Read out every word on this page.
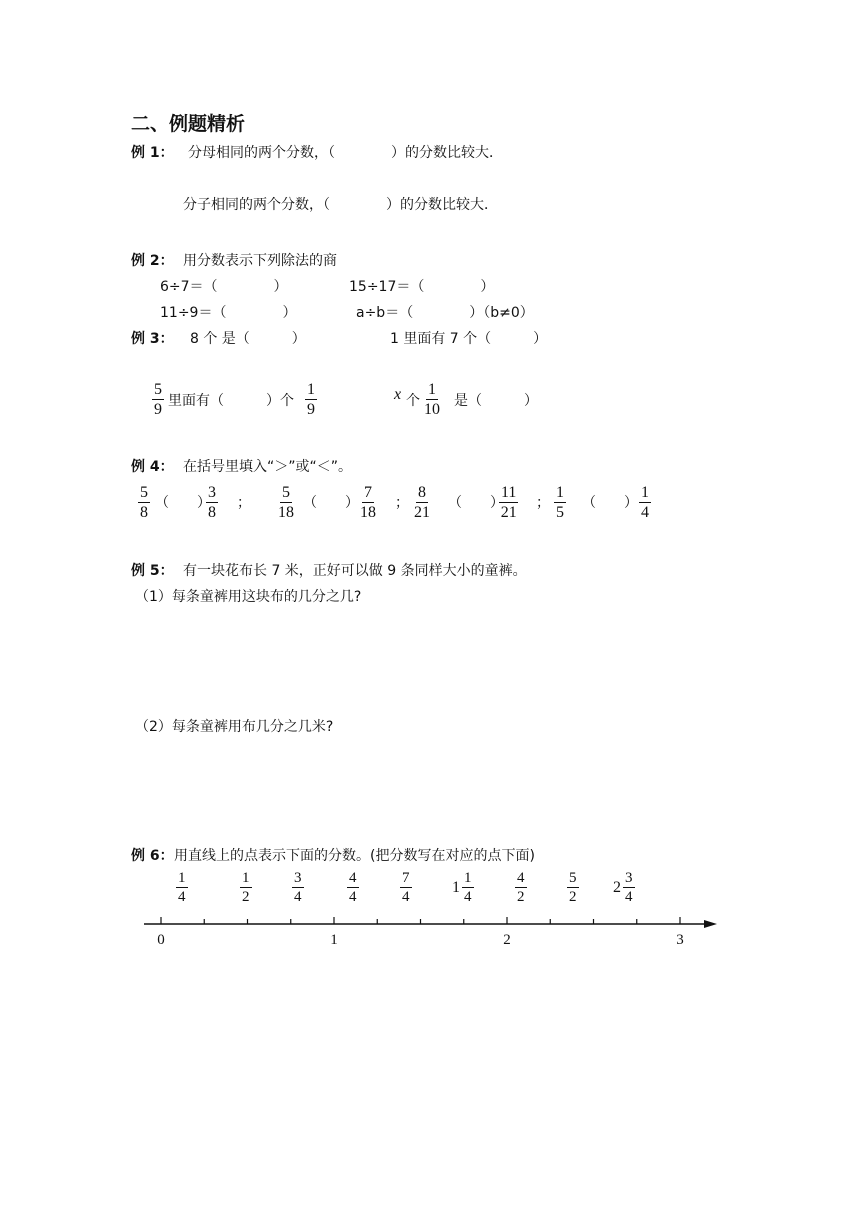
二、例题精析
例 1： 分母相同的两个分数，（　　　　）的分数比较大．
分子相同的两个分数，（　　　　）的分数比较大．
例 2： 用分数表示下列除法的商
6÷7＝（　　　　）	15÷17＝（　　　　）
11÷9＝（　　　　）	a÷b＝（　　　　）（b≠0）
例 3： 8 个 是（　　　）	1 里面有 7 个（　　　）
$\frac{5}{9}$ 里面有（　　　）个 $\frac{1}{9}$	x 个 $\frac{1}{10}$ 是（　　　）
例 4： 在括号里填入“＞”或“＜”。
$\frac{5}{8}$ （　　）
$\frac{3}{8}$ ； $\frac{5}{18}$ （　　） $\frac{7}{18}$ ； $\frac{8}{21}$ （　　）
$\frac{11}{21}$ ； $\frac{1}{5}$ （　　） $\frac{1}{4}$
例 5： 有一块花布长 7 米，正好可以做 9 条同样大小的童裤。
（1）每条童裤用这块布的几分之几?
（2）每条童裤用布几分之几米?
例 6： 用直线上的点表示下面的分数。(把分数写在对应的点下面)
$\frac{1}{4}$	$\frac{1}{2}$	$\frac{3}{4}$	$\frac{4}{4}$	$\frac{7}{4}$	$1 \frac{1}{4}$	$\frac{4}{2}$	$\frac{5}{2} 2 \frac{3}{4}$
0	1	2	3
